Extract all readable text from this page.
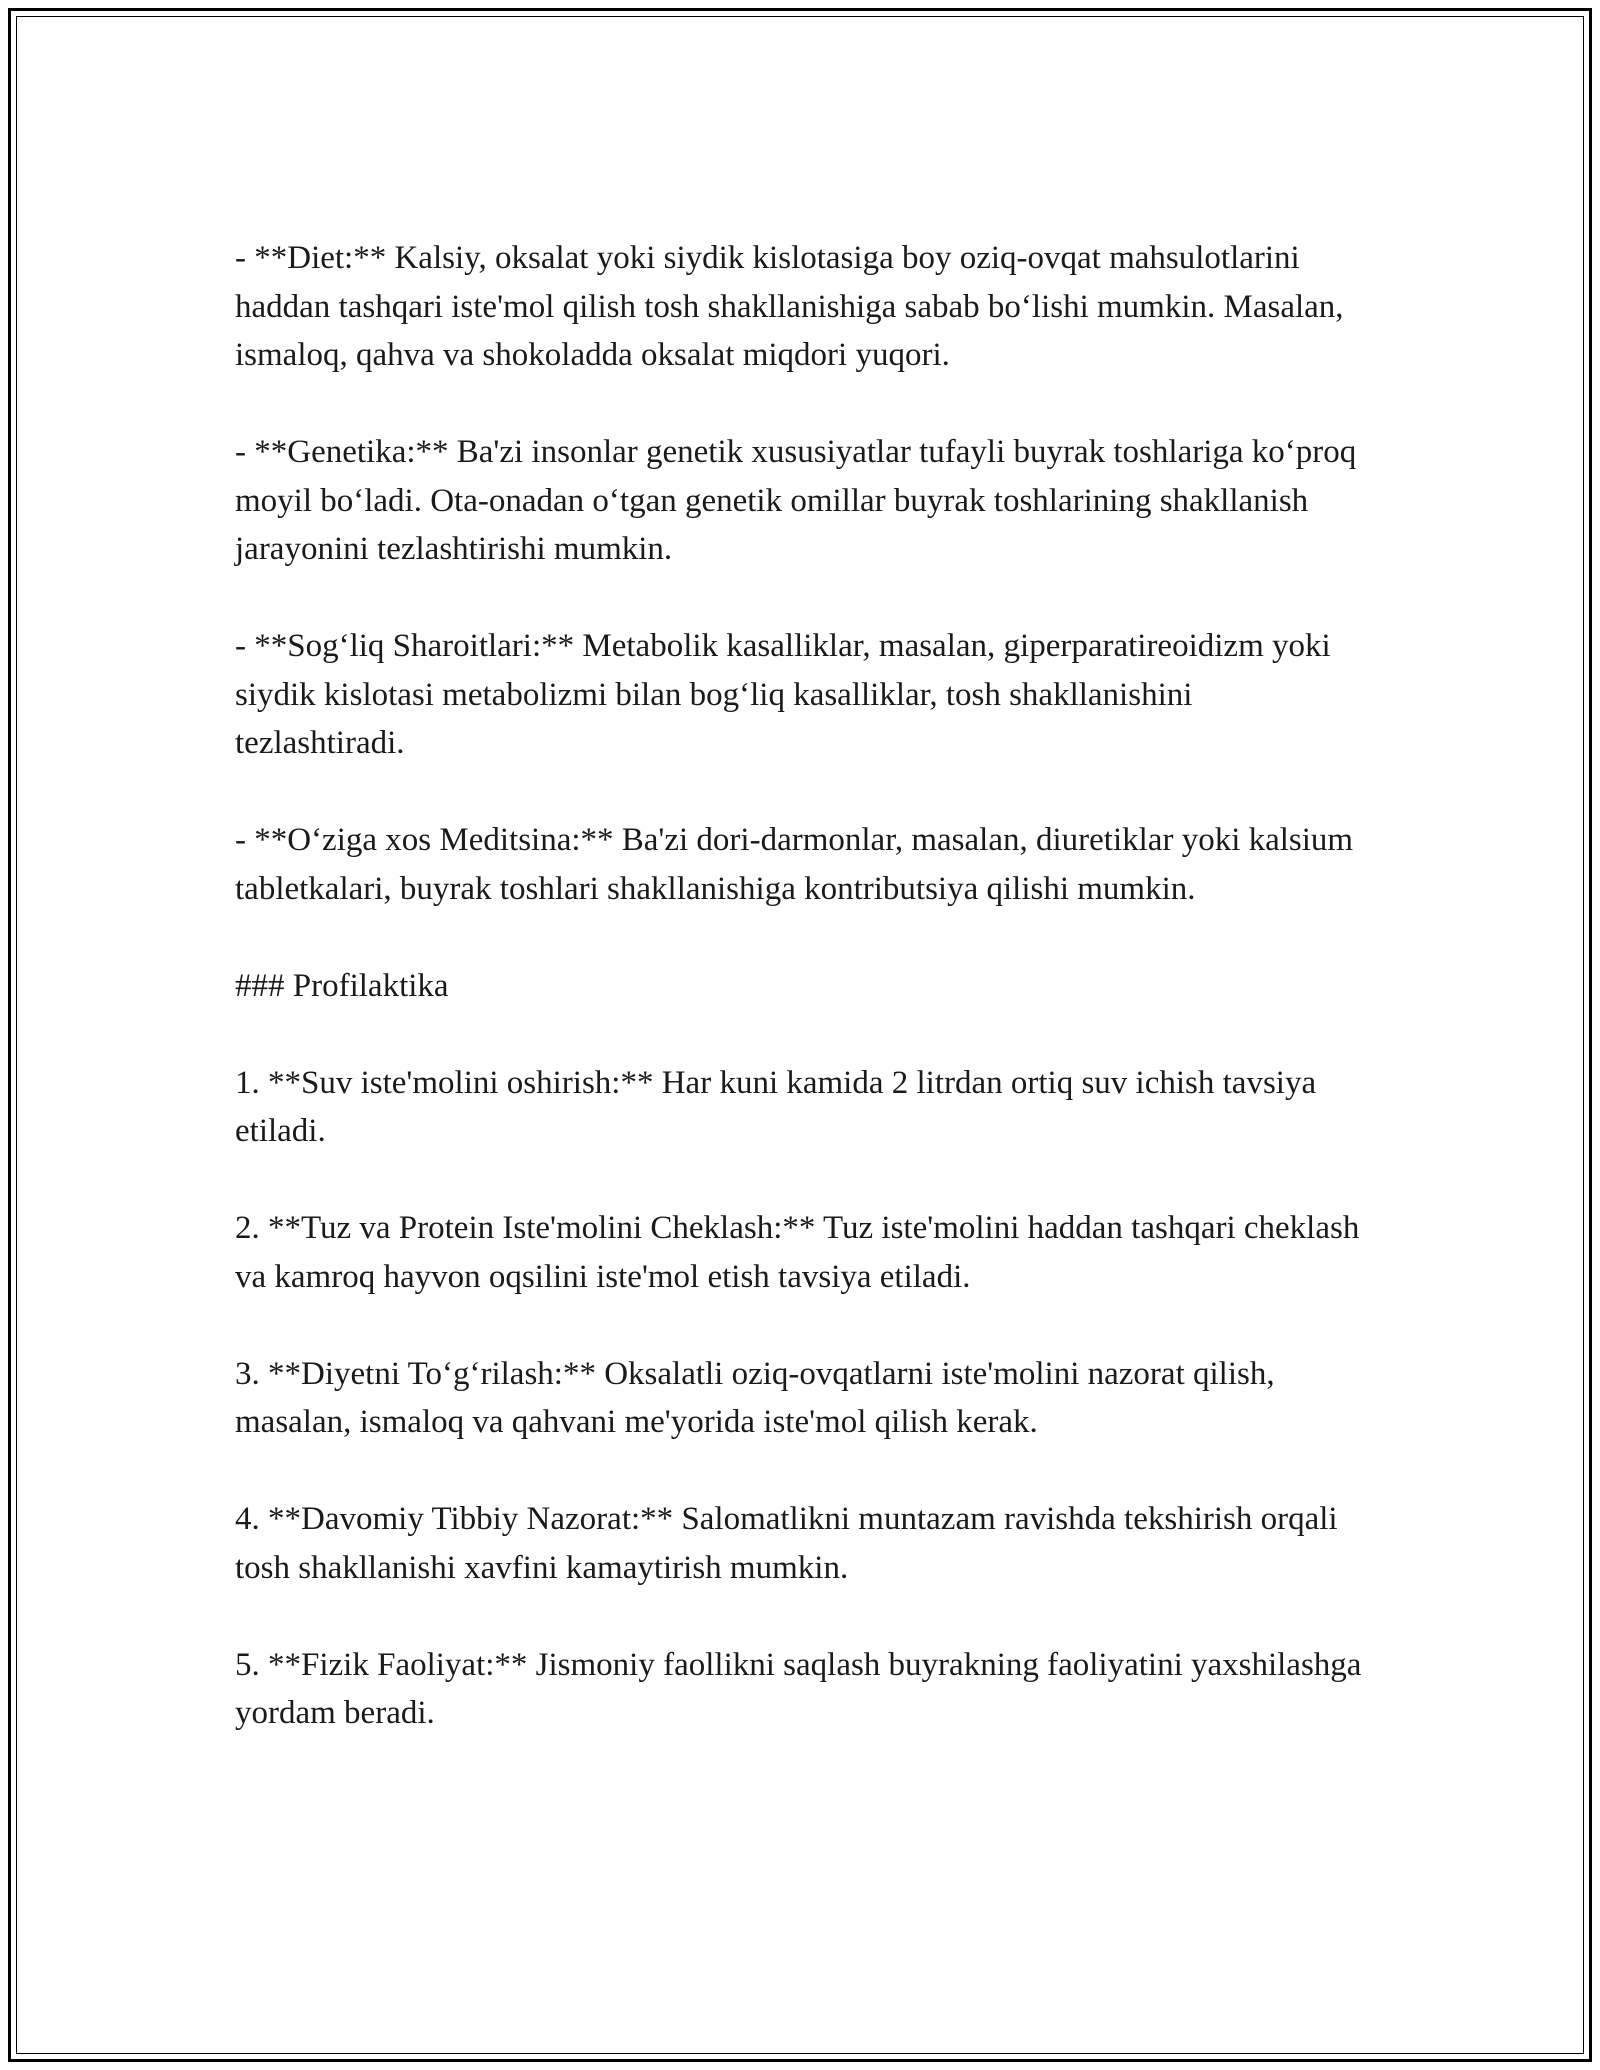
- **Diet:** Kalsiy, oksalat yoki siydik kislotasiga boy oziq-ovqat mahsulotlarini haddan tashqari iste'mol qilish tosh shakllanishiga sabab bo‘lishi mumkin. Masalan, ismaloq, qahva va shokoladda oksalat miqdori yuqori.

- **Genetika:** Ba'zi insonlar genetik xususiyatlar tufayli buyrak toshlariga ko‘proq moyil bo‘ladi. Ota-onadan o‘tgan genetik omillar buyrak toshlarining shakllanish jarayonini tezlashtirishi mumkin.

- **Sog‘liq Sharoitlari:** Metabolik kasalliklar, masalan, giperparatireoidizm yoki siydik kislotasi metabolizmi bilan bog‘liq kasalliklar, tosh shakllanishini tezlashtiradi.

- **O‘ziga xos Meditsina:** Ba'zi dori-darmonlar, masalan, diuretiklar yoki kalsium tabletkalari, buyrak toshlari shakllanishiga kontributsiya qilishi mumkin.

### Profilaktika

1. **Suv iste'molini oshirish:** Har kuni kamida 2 litrdan ortiq suv ichish tavsiya etiladi.

2. **Tuz va Protein Iste'molini Cheklash:** Tuz iste'molini haddan tashqari cheklash va kamroq hayvon oqsilini iste'mol etish tavsiya etiladi.

3. **Diyetni To‘g‘rilash:** Oksalatli oziq-ovqatlarni iste'molini nazorat qilish, masalan, ismaloq va qahvani me'yorida iste'mol qilish kerak.

4. **Davomiy Tibbiy Nazorat:** Salomatlikni muntazam ravishda tekshirish orqali tosh shakllanishi xavfini kamaytirish mumkin.

5. **Fizik Faoliyat:** Jismoniy faollikni saqlash buyrakning faoliyatini yaxshilashga yordam beradi.
